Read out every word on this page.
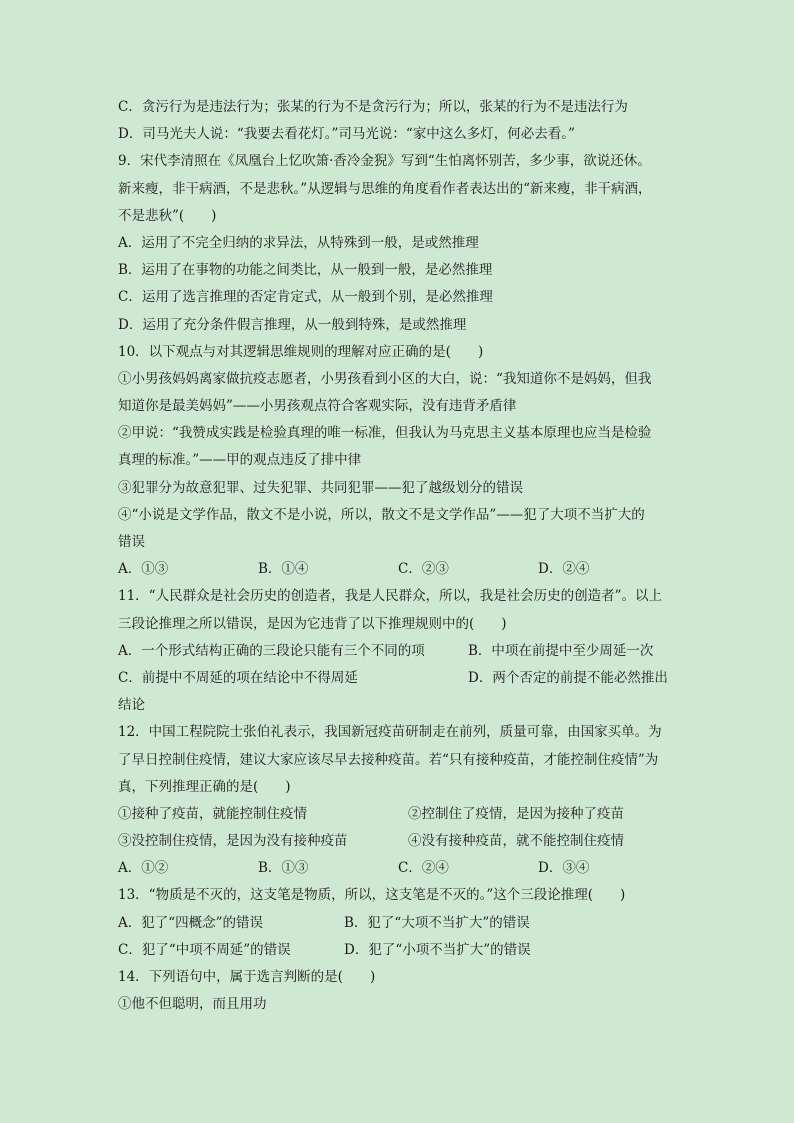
C．贪污行为是违法行为；张某的行为不是贪污行为；所以，张某的行为不是违法行为
D．司马光夫人说：“我要去看花灯。”司马光说：“家中这么多灯，何必去看。”
9．宋代李清照在《凤凰台上忆吹箫·香冷金猊》写到“生怕离怀别苦，多少事，欲说还休。
新来瘦，非干病酒，不是悲秋。”从逻辑与思维的角度看作者表达出的“新来瘦，非干病酒，
不是悲秋”(　　)
A．运用了不完全归纳的求异法，从特殊到一般，是或然推理
B．运用了在事物的功能之间类比，从一般到一般，是必然推理
C．运用了选言推理的否定肯定式，从一般到个别，是必然推理
D．运用了充分条件假言推理，从一般到特殊，是或然推理
10．以下观点与对其逻辑思维规则的理解对应正确的是(　　)
①小男孩妈妈离家做抗疫志愿者，小男孩看到小区的大白，说：“我知道你不是妈妈，但我
知道你是最美妈妈”——小男孩观点符合客观实际，没有违背矛盾律
②甲说：“我赞成实践是检验真理的唯一标准，但我认为马克思主义基本原理也应当是检验
真理的标准。”——甲的观点违反了排中律
③犯罪分为故意犯罪、过失犯罪、共同犯罪——犯了越级划分的错误
④“小说是文学作品，散文不是小说，所以，散文不是文学作品”——犯了大项不当扩大的
错误
A．①③	B．①④	C．②③	D．②④
11．“人民群众是社会历史的创造者，我是人民群众，所以，我是社会历史的创造者”。以上
三段论推理之所以错误，是因为它违背了以下推理规则中的(　　)
A．一个形式结构正确的三段论只能有三个不同的项	B．中项在前提中至少周延一次
C．前提中不周延的项在结论中不得周延	D．两个否定的前提不能必然推出
结论
12．中国工程院院士张伯礼表示，我国新冠疫苗研制走在前列，质量可靠，由国家买单。为
了早日控制住疫情，建议大家应该尽早去接种疫苗。若“只有接种疫苗，才能控制住疫情”为
真，下列推理正确的是(　　)
①接种了疫苗，就能控制住疫情	②控制住了疫情，是因为接种了疫苗
③没控制住疫情，是因为没有接种疫苗	④没有接种疫苗，就不能控制住疫情
A．①②	B．①③	C．②④	D．③④
13．“物质是不灭的，这支笔是物质，所以，这支笔是不灭的。”这个三段论推理(　　)
A．犯了“四概念”的错误	B．犯了“大项不当扩大”的错误
C．犯了“中项不周延”的错误	D．犯了“小项不当扩大”的错误
14．下列语句中，属于选言判断的是(　　)
①他不但聪明，而且用功
